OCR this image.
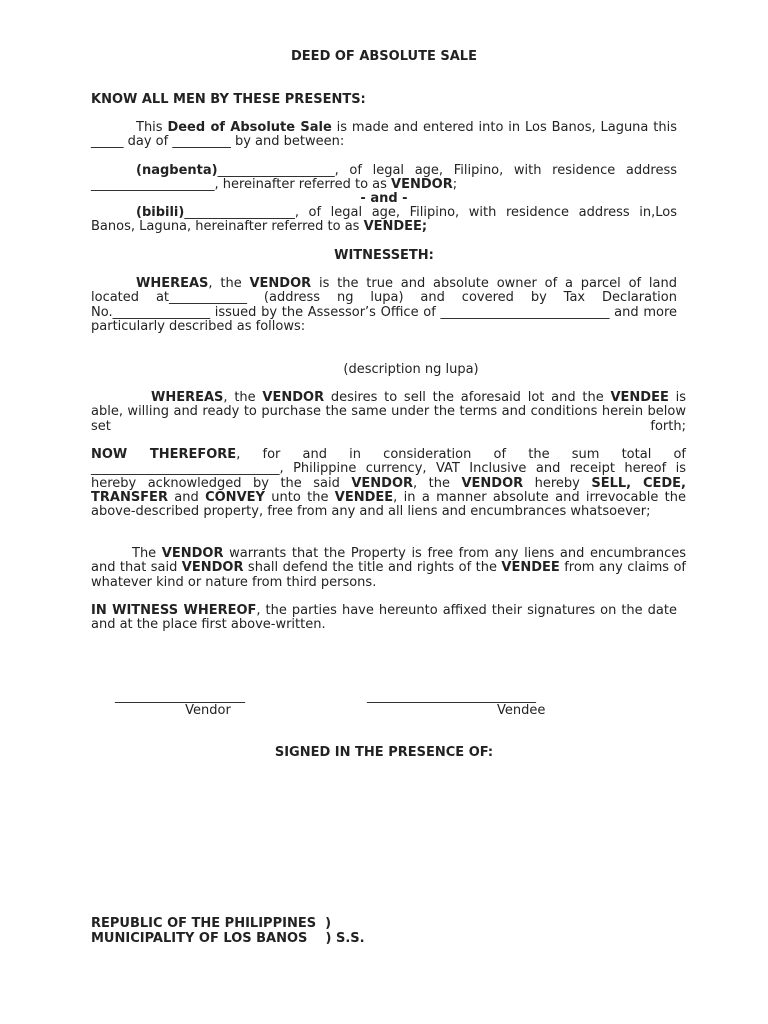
DEED OF ABSOLUTE SALE
KNOW ALL MEN BY THESE PRESENTS:

This Deed of Absolute Sale is made and entered into in Los Banos, Laguna this _____ day of _________ by and between:

(nagbenta)__________________, of legal age, Filipino, with residence address ___________________, hereinafter referred to as VENDOR;

- and -

(bibili)_________________, of legal age, Filipino, with residence address in,Los Banos, Laguna, hereinafter referred to as VENDEE;

WITNESSETH:

WHEREAS, the VENDOR is the true and absolute owner of a parcel of land located at____________ (address ng lupa) and covered by Tax Declaration No._______________ issued by the Assessor’s Office of __________________________ and more particularly described as follows:

(description ng lupa)

WHEREAS, the VENDOR desires to sell the aforesaid lot and the VENDEE is able, willing and ready to purchase the same under the terms and conditions herein below set forth;

NOW THEREFORE, for and in consideration of the sum total of _____________________________, Philippine currency, VAT Inclusive and receipt hereof is hereby acknowledged by the said VENDOR, the VENDOR hereby SELL, CEDE, TRANSFER and CONVEY unto the VENDEE, in a manner absolute and irrevocable the above-described property, free from any and all liens and encumbrances whatsoever;

The VENDOR warrants that the Property is free from any liens and encumbrances and that said VENDOR shall defend the title and rights of the VENDEE from any claims of whatever kind or nature from third persons.

IN WITNESS WHEREOF, the parties have hereunto affixed their signatures on the date and at the place first above-written.

____________________
Vendor
__________________________
Vendee
SIGNED IN THE PRESENCE OF:
REPUBLIC OF THE PHILIPPINES  )
MUNICIPALITY OF LOS BANOS    ) S.S.
